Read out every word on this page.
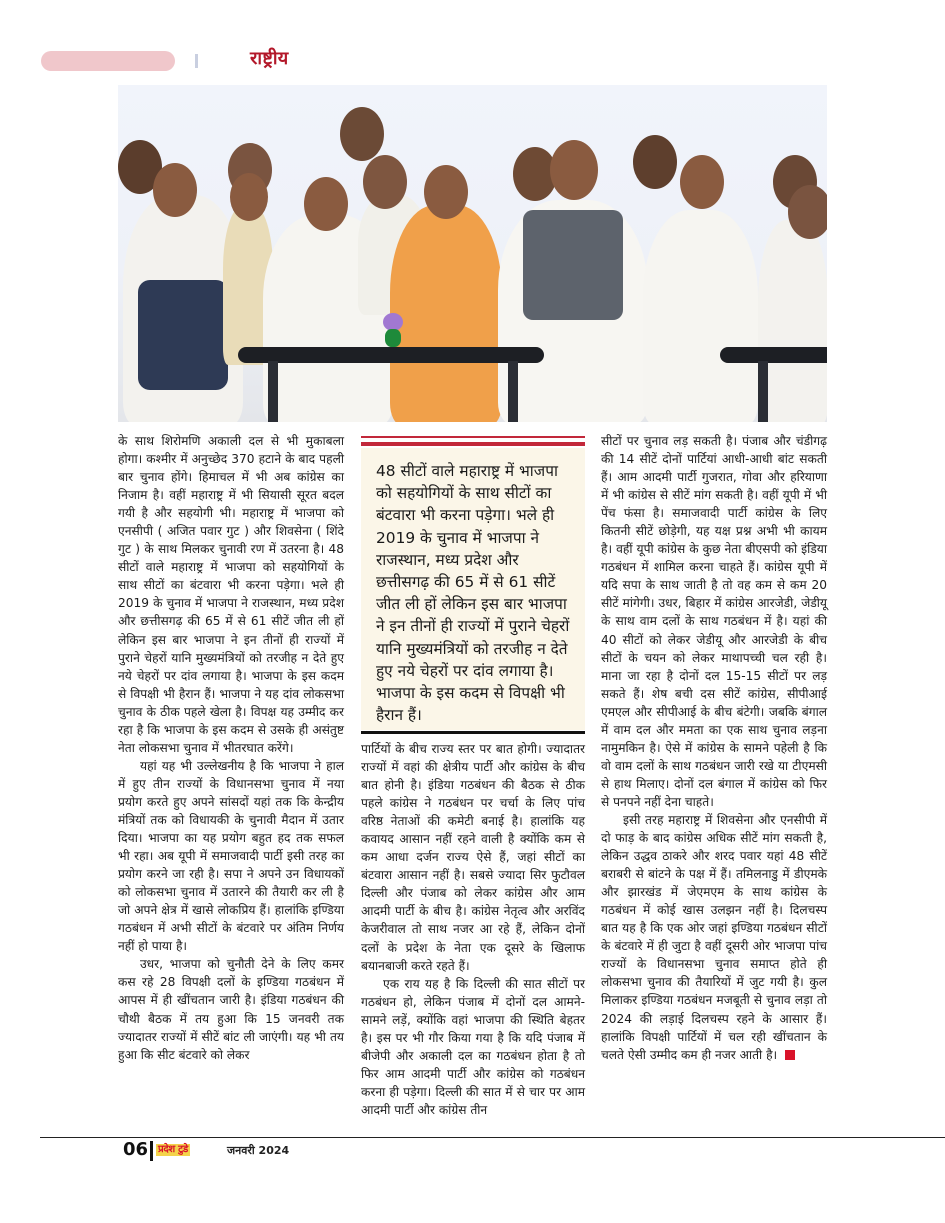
राष्ट्रीय

के साथ शिरोमणि अकाली दल से भी मुकाबला होगा। कश्मीर में अनुच्छेद 370 हटाने के बाद पहली बार चुनाव होंगे। हिमाचल में भी अब कांग्रेस का निजाम है। वहीं महाराष्ट्र में भी सियासी सूरत बदल गयी है और सहयोगी भी। महाराष्ट्र में भाजपा को एनसीपी ( अजित पवार गुट ) और शिवसेना ( शिंदे गुट ) के साथ मिलकर चुनावी रण में उतरना है। 48 सीटों वाले महाराष्ट्र में भाजपा को सहयोगियों के साथ सीटों का बंटवारा भी करना पड़ेगा। भले ही 2019 के चुनाव में भाजपा ने राजस्थान, मध्य प्रदेश और छत्तीसगढ़ की 65 में से 61 सीटें जीत ली हों लेकिन इस बार भाजपा ने इन तीनों ही राज्यों में पुराने चेहरों यानि मुख्यमंत्रियों को तरजीह न देते हुए नये चेहरों पर दांव लगाया है। भाजपा के इस कदम से विपक्षी भी हैरान हैं। भाजपा ने यह दांव लोकसभा चुनाव के ठीक पहले खेला है। विपक्ष यह उम्मीद कर रहा है कि भाजपा के इस कदम से उसके ही असंतुष्ट नेता लोकसभा चुनाव में भीतरघात करेंगे।

यहां यह भी उल्लेखनीय है कि भाजपा ने हाल में हुए तीन राज्यों के विधानसभा चुनाव में नया प्रयोग करते हुए अपने सांसदों यहां तक कि केन्द्रीय मंत्रियों तक को विधायकी के चुनावी मैदान में उतार दिया। भाजपा का यह प्रयोग बहुत हद तक सफल भी रहा। अब यूपी में समाजवादी पार्टी इसी तरह का प्रयोग करने जा रही है। सपा ने अपने उन विधायकों को लोकसभा चुनाव में उतारने की तैयारी कर ली है जो अपने क्षेत्र में खासे लोकप्रिय हैं। हालांकि इण्डिया गठबंधन में अभी सीटों के बंटवारे पर अंतिम निर्णय नहीं हो पाया है।

उधर, भाजपा को चुनौती देने के लिए कमर कस रहे 28 विपक्षी दलों के इण्डिया गठबंधन में आपस में ही खींचतान जारी है। इंडिया गठबंधन की चौथी बैठक में तय हुआ कि 15 जनवरी तक ज्यादातर राज्यों में सीटें बांट ली जाएंगी। यह भी तय हुआ कि सीट बंटवारे को लेकर

48 सीटों वाले महाराष्ट्र में भाजपा को सहयोगियों के साथ सीटों का बंटवारा भी करना पड़ेगा। भले ही 2019 के चुनाव में भाजपा ने राजस्थान, मध्य प्रदेश और छत्तीसगढ़ की 65 में से 61 सीटें जीत ली हों लेकिन इस बार भाजपा ने इन तीनों ही राज्यों में पुराने चेहरों यानि मुख्यमंत्रियों को तरजीह न देते हुए नये चेहरों पर दांव लगाया है। भाजपा के इस कदम से विपक्षी भी हैरान हैं।

पार्टियों के बीच राज्य स्तर पर बात होगी। ज्यादातर राज्यों में वहां की क्षेत्रीय पार्टी और कांग्रेस के बीच बात होनी है। इंडिया गठबंधन की बैठक से ठीक पहले कांग्रेस ने गठबंधन पर चर्चा के लिए पांच वरिष्ठ नेताओं की कमेटी बनाई है। हालांकि यह कवायद आसान नहीं रहने वाली है क्योंकि कम से कम आधा दर्जन राज्य ऐसे हैं, जहां सीटों का बंटवारा आसान नहीं है। सबसे ज्यादा सिर फुटौवल दिल्ली और पंजाब को लेकर कांग्रेस और आम आदमी पार्टी के बीच है। कांग्रेस नेतृत्व और अरविंद केजरीवाल तो साथ नजर आ रहे हैं, लेकिन दोनों दलों के प्रदेश के नेता एक दूसरे के खिलाफ बयानबाजी करते रहते हैं।

एक राय यह है कि दिल्ली की सात सीटों पर गठबंधन हो, लेकिन पंजाब में दोनों दल आमने-सामने लड़ें, क्योंकि वहां भाजपा की स्थिति बेहतर है। इस पर भी गौर किया गया है कि यदि पंजाब में बीजेपी और अकाली दल का गठबंधन होता है तो फिर आम आदमी पार्टी और कांग्रेस को गठबंधन करना ही पड़ेगा। दिल्ली की सात में से चार पर आम आदमी पार्टी और कांग्रेस तीन

सीटों पर चुनाव लड़ सकती है। पंजाब और चंडीगढ़ की 14 सीटें दोनों पार्टियां आधी-आधी बांट सकती हैं। आम आदमी पार्टी गुजरात, गोवा और हरियाणा में भी कांग्रेस से सीटें मांग सकती है। वहीं यूपी में भी पेंच फंसा है। समाजवादी पार्टी कांग्रेस के लिए कितनी सीटें छोड़ेगी, यह यक्ष प्रश्न अभी भी कायम है। वहीं यूपी कांग्रेस के कुछ नेता बीएसपी को इंडिया गठबंधन में शामिल करना चाहते हैं। कांग्रेस यूपी में यदि सपा के साथ जाती है तो वह कम से कम 20 सीटें मांगेगी। उधर, बिहार में कांग्रेस आरजेडी, जेडीयू के साथ वाम दलों के साथ गठबंधन में है। यहां की 40 सीटों को लेकर जेडीयू और आरजेडी के बीच सीटों के चयन को लेकर माथापच्ची चल रही है। माना जा रहा है दोनों दल 15-15 सीटों पर लड़ सकते हैं। शेष बची दस सीटें कांग्रेस, सीपीआई एमएल और सीपीआई के बीच बंटेगी। जबकि बंगाल में वाम दल और ममता का एक साथ चुनाव लड़ना नामुमकिन है। ऐसे में कांग्रेस के सामने पहेली है कि वो वाम दलों के साथ गठबंधन जारी रखे या टीएमसी से हाथ मिलाए। दोनों दल बंगाल में कांग्रेस को फिर से पनपने नहीं देना चाहते।

इसी तरह महाराष्ट्र में शिवसेना और एनसीपी में दो फाड़ के बाद कांग्रेस अधिक सीटें मांग सकती है, लेकिन उद्धव ठाकरे और शरद पवार यहां 48 सीटें बराबरी से बांटने के पक्ष में हैं। तमिलनाडु में डीएमके और झारखंड में जेएमएम के साथ कांग्रेस के गठबंधन में कोई खास उलझन नहीं है। दिलचस्प बात यह है कि एक ओर जहां इण्डिया गठबंधन सीटों के बंटवारे में ही जुटा है वहीं दूसरी ओर भाजपा पांच राज्यों के विधानसभा चुनाव समाप्त होते ही लोकसभा चुनाव की तैयारियों में जुट गयी है। कुल मिलाकर इण्डिया गठबंधन मजबूती से चुनाव लड़ा तो 2024 की लड़ाई दिलचस्प रहने के आसार हैं। हालांकि विपक्षी पार्टियों में चल रही खींचतान के चलते ऐसी उम्मीद कम ही नजर आती है।

06 प्रदेश टुडे	जनवरी 2024
